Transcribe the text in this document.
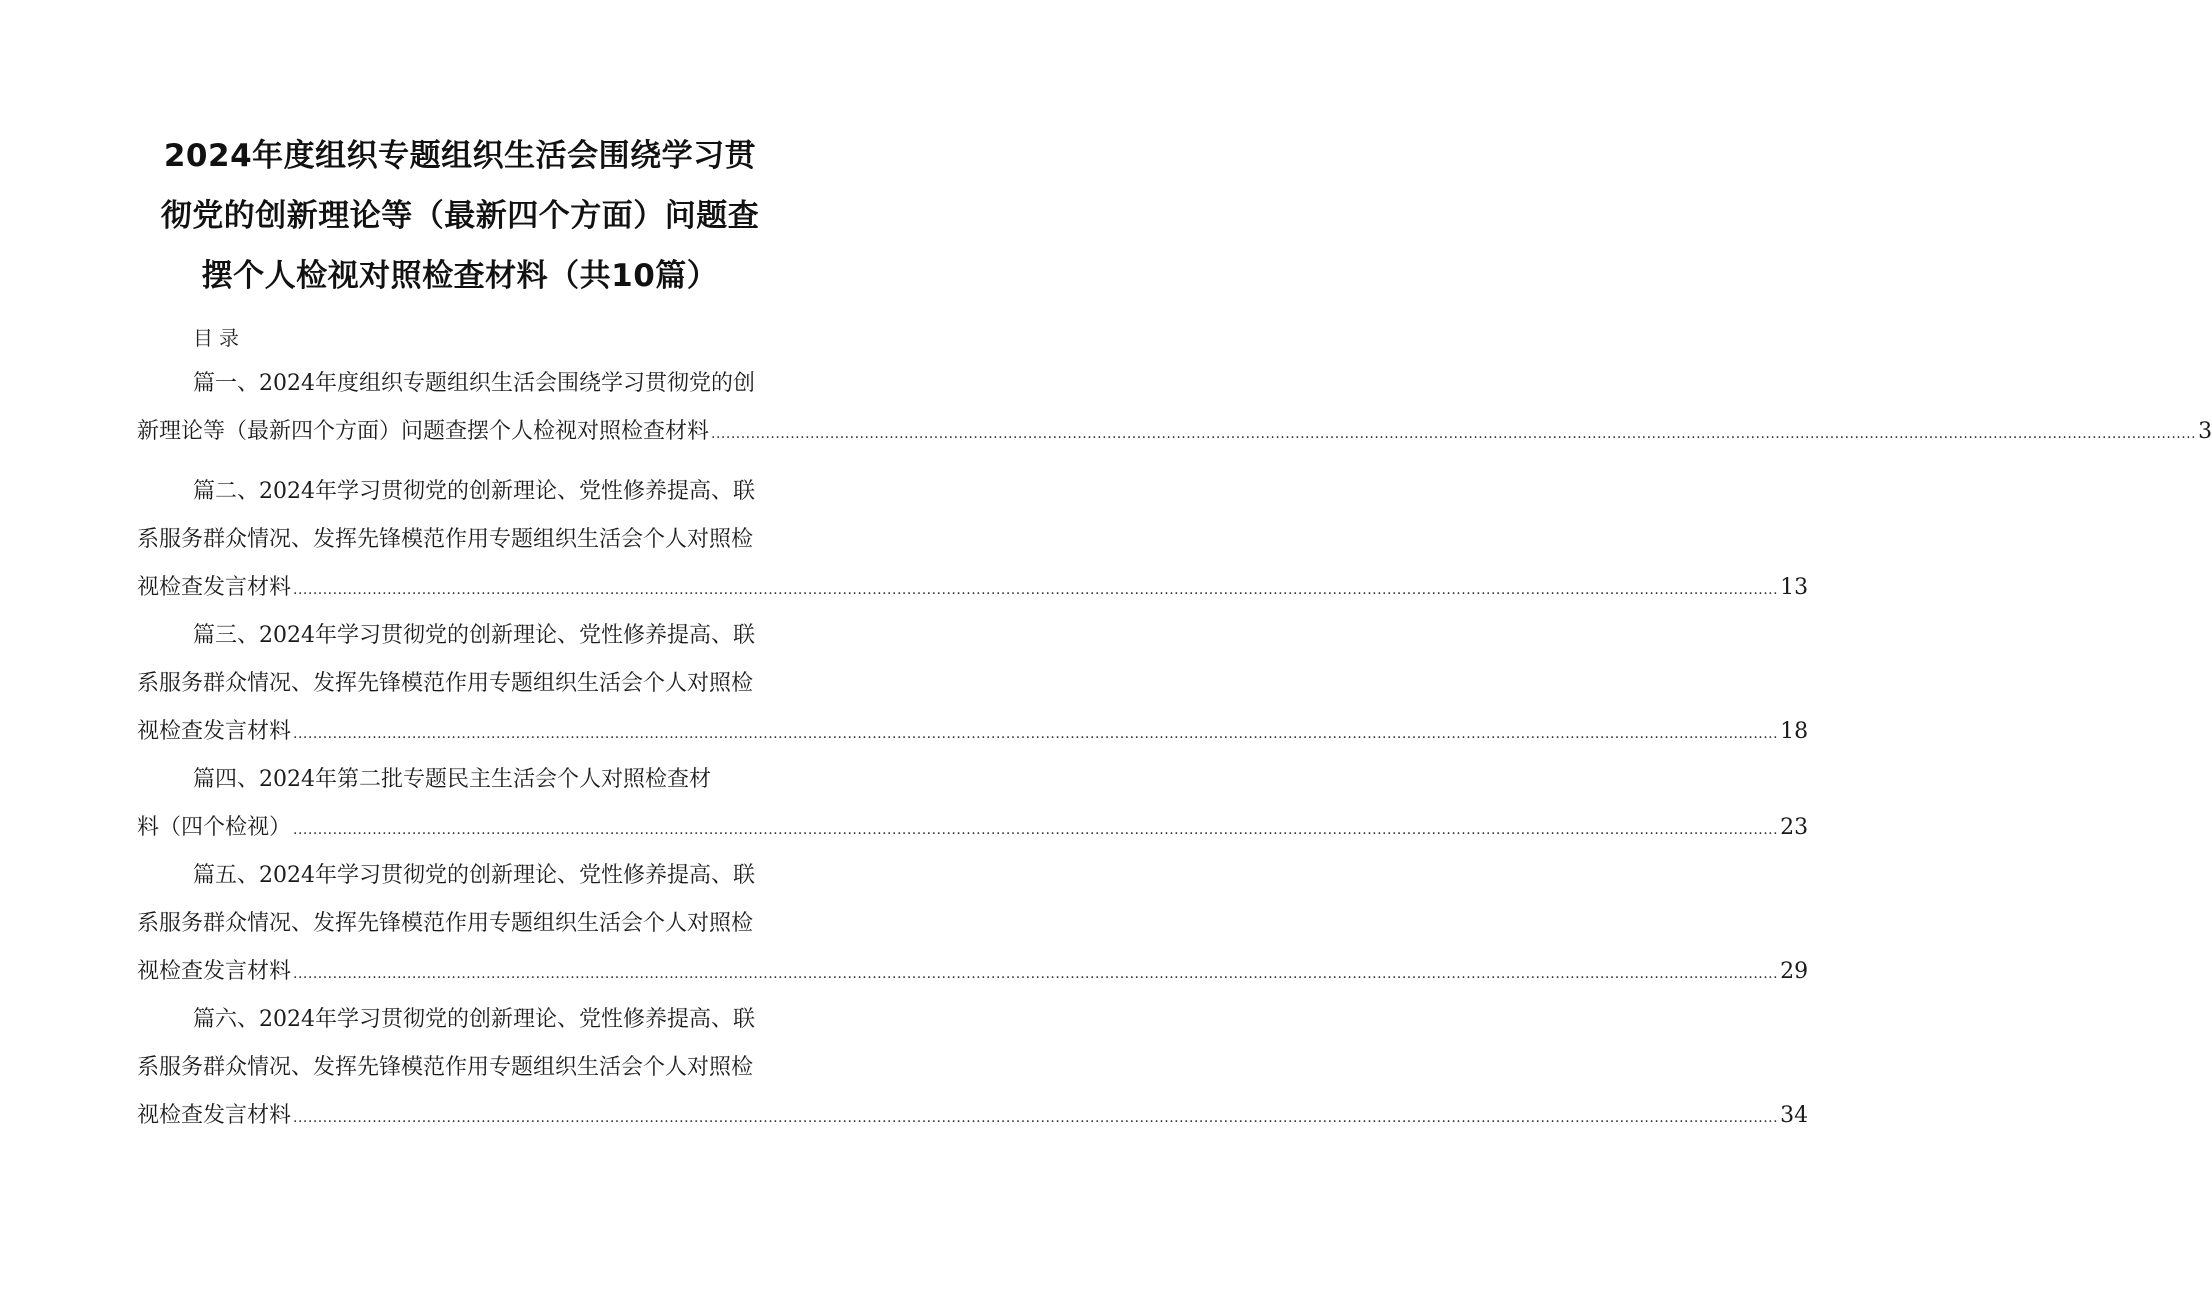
2024年度组织专题组织生活会围绕学习贯
彻党的创新理论等（最新四个方面）问题查
摆个人检视对照检查材料（共10篇）
目录
篇一、2024年度组织专题组织生活会围绕学习贯彻党的创
新理论等（最新四个方面）问题查摆个人检视对照检查材料 ............................................................................................................................................................................................................................................................................................................ 3
篇二、2024年学习贯彻党的创新理论、党性修养提高、联
系服务群众情况、发挥先锋模范作用专题组织生活会个人对照检
视检查发言材料 ............................................................................................................................................................................................................................................................................................................ 13
篇三、2024年学习贯彻党的创新理论、党性修养提高、联
系服务群众情况、发挥先锋模范作用专题组织生活会个人对照检
视检查发言材料 ............................................................................................................................................................................................................................................................................................................ 18
篇四、2024年第二批专题民主生活会个人对照检查材
料（四个检视） ............................................................................................................................................................................................................................................................................................................ 23
篇五、2024年学习贯彻党的创新理论、党性修养提高、联
系服务群众情况、发挥先锋模范作用专题组织生活会个人对照检
视检查发言材料 ............................................................................................................................................................................................................................................................................................................ 29
篇六、2024年学习贯彻党的创新理论、党性修养提高、联
系服务群众情况、发挥先锋模范作用专题组织生活会个人对照检
视检查发言材料 ............................................................................................................................................................................................................................................................................................................ 34
